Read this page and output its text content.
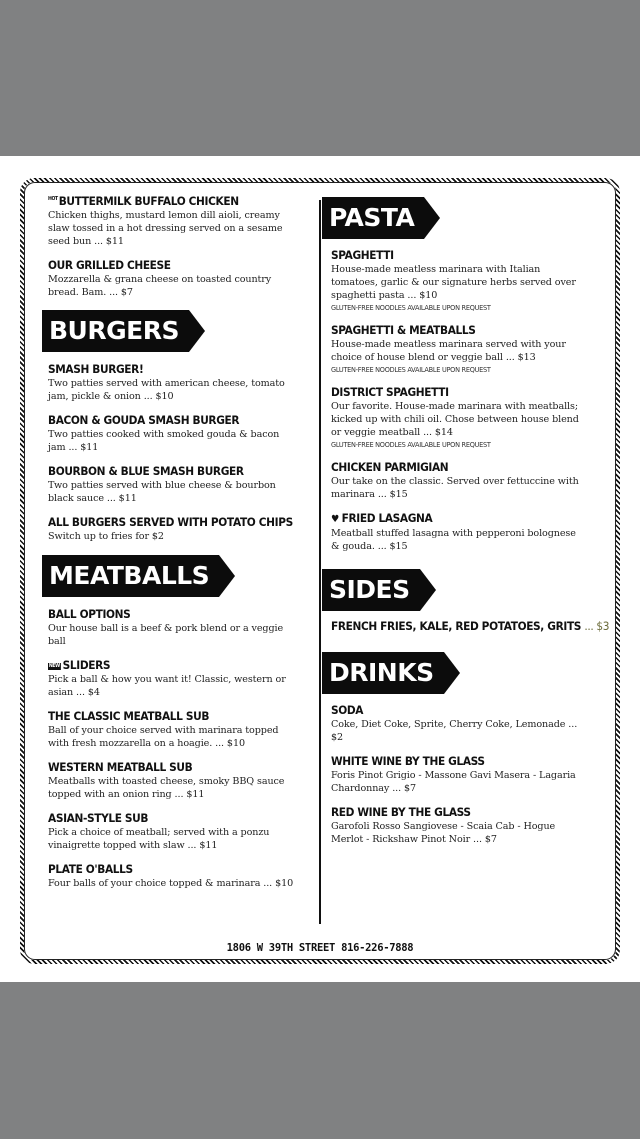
$^{HOT}$BUTTERMILK BUFFALO CHICKEN
Chicken thighs, mustard lemon dill aioli, creamy slaw tossed in a hot dressing served on a sesame seed bun ... $11
OUR GRILLED CHEESE
Mozzarella & grana cheese on toasted country bread. Bam. ... $7
BURGERS
SMASH BURGER!
Two patties served with american cheese, tomato jam, pickle & onion ... $10
BACON & GOUDA SMASH BURGER
Two patties cooked with smoked gouda & bacon jam ... $11
BOURBON & BLUE SMASH BURGER
Two patties served with blue cheese & bourbon black sauce ... $11
ALL BURGERS SERVED WITH POTATO CHIPS
Switch up to fries for $2
MEATBALLS
BALL OPTIONS
Our house ball is a beef & pork blend or a veggie ball
NEW SLIDERS
Pick a ball & how you want it! Classic, western or asian ... $4
THE CLASSIC MEATBALL SUB
Ball of your choice served with marinara topped with fresh mozzarella on a hoagie. ... $10
WESTERN MEATBALL SUB
Meatballs with toasted cheese, smoky BBQ sauce topped with an onion ring ... $11
ASIAN-STYLE SUB
Pick a choice of meatball; served with a ponzu vinaigrette topped with slaw ... $11
PLATE O'BALLS
Four balls of your choice topped & marinara ... $10
PASTA
SPAGHETTI
House-made meatless marinara with Italian tomatoes, garlic & our signature herbs served over spaghetti pasta ... $10
GLUTEN-FREE NOODLES AVAILABLE UPON REQUEST
SPAGHETTI & MEATBALLS
House-made meatless marinara served with your choice of house blend or veggie ball ... $13
GLUTEN-FREE NOODLES AVAILABLE UPON REQUEST
DISTRICT SPAGHETTI
Our favorite. House-made marinara with meatballs; kicked up with chili oil. Chose between house blend or veggie meatball ... $14
GLUTEN-FREE NOODLES AVAILABLE UPON REQUEST
CHICKEN PARMIGIAN
Our take on the classic. Served over fettuccine with marinara ... $15
♥ FRIED LASAGNA
Meatball stuffed lasagna with pepperoni bolognese & gouda. ... $15
SIDES
FRENCH FRIES, KALE, RED POTATOES, GRITS ... $3
DRINKS
SODA
Coke, Diet Coke, Sprite, Cherry Coke, Lemonade ... $2
WHITE WINE BY THE GLASS
Foris Pinot Grigio - Massone Gavi Masera - Lagaria Chardonnay ... $7
RED WINE BY THE GLASS
Garofoli Rosso Sangiovese - Scaia Cab - Hogue Merlot - Rickshaw Pinot Noir ... $7
1806 W 39TH STREET 816-226-7888
